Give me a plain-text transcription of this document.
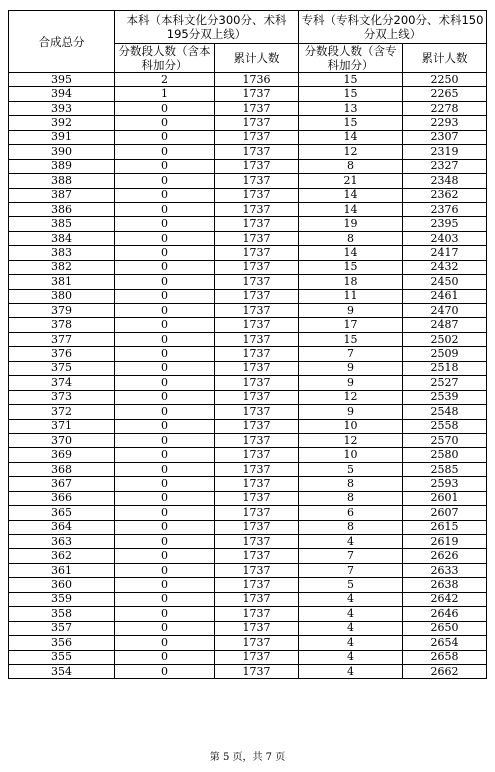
合成总分	本科（本科文化分300分、术科195分双上线）		专科（专科文化分200分、术科150分双上线）	
	分数段人数（含本科加分）	累计人数	分数段人数（含专科加分）	累计人数
395	2	1736	15	2250
394	1	1737	15	2265
393	0	1737	13	2278
392	0	1737	15	2293
391	0	1737	14	2307
390	0	1737	12	2319
389	0	1737	8	2327
388	0	1737	21	2348
387	0	1737	14	2362
386	0	1737	14	2376
385	0	1737	19	2395
384	0	1737	8	2403
383	0	1737	14	2417
382	0	1737	15	2432
381	0	1737	18	2450
380	0	1737	11	2461
379	0	1737	9	2470
378	0	1737	17	2487
377	0	1737	15	2502
376	0	1737	7	2509
375	0	1737	9	2518
374	0	1737	9	2527
373	0	1737	12	2539
372	0	1737	9	2548
371	0	1737	10	2558
370	0	1737	12	2570
369	0	1737	10	2580
368	0	1737	5	2585
367	0	1737	8	2593
366	0	1737	8	2601
365	0	1737	6	2607
364	0	1737	8	2615
363	0	1737	4	2619
362	0	1737	7	2626
361	0	1737	7	2633
360	0	1737	5	2638
359	0	1737	4	2642
358	0	1737	4	2646
357	0	1737	4	2650
356	0	1737	4	2654
355	0	1737	4	2658
354	0	1737	4	2662
第 5 页，共 7 页
